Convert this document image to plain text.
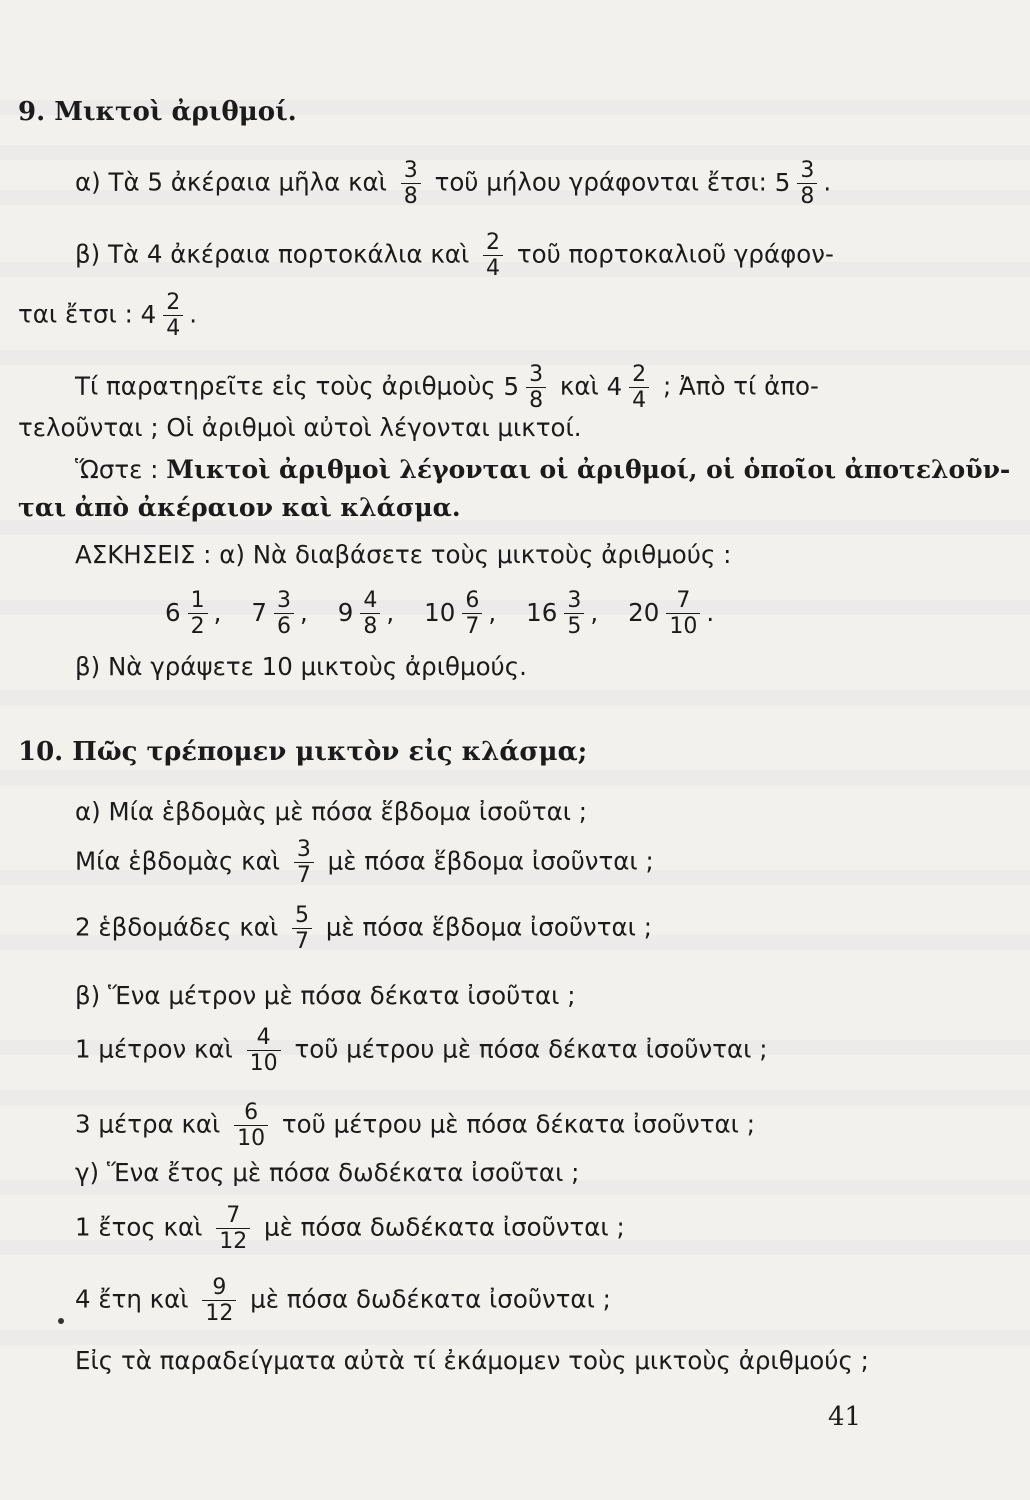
9. Μικτοὶ ἀριθμοί.
α) Τὰ 5 ἀκέραια μῆλα καὶ $\frac{3}{8}$ τοῦ μήλου γράφονται ἔτσι: $5 \frac{3}{8}$ .
β) Τὰ 4 ἀκέραια πορτοκάλια καὶ $\frac{2}{4}$ τοῦ πορτοκαλιοῦ γράφον-
ται ἔτσι : $4 \frac{2}{4}$ .
Τί παρατηρεῖτε εἰς τοὺς ἀριθμοὺς $5 \frac{3}{8}$ καὶ $4 \frac{2}{4}$ ; Ἀπὸ τί ἀπο-
τελοῦνται ; Οἱ ἀριθμοὶ αὐτοὶ λέγονται μικτοί.
Ὥστε : Μικτοὶ ἀριθμοὶ λέγονται οἱ ἀριθμοί, οἱ ὁποῖοι ἀποτελοῦν-
ται ἀπὸ ἀκέραιον καὶ κλάσμα.
ΑΣΚΗΣΕΙΣ : α) Νὰ διαβάσετε τοὺς μικτοὺς ἀριθμούς :
$6 \frac{1}{2}$ , $7 \frac{3}{6}$ , $9 \frac{4}{8}$ , $10 \frac{6}{7}$ , $16 \frac{3}{5}$ , $20 \frac{7}{10}$ .
β) Νὰ γράψετε 10 μικτοὺς ἀριθμούς.
10. Πῶς τρέπομεν μικτὸν εἰς κλάσμα;
α) Μία ἑβδομὰς μὲ πόσα ἕβδομα ἰσοῦται ;
Μία ἑβδομὰς καὶ $\frac{3}{7}$ μὲ πόσα ἕβδομα ἰσοῦνται ;
2 ἑβδομάδες καὶ $\frac{5}{7}$ μὲ πόσα ἕβδομα ἰσοῦνται ;
β) Ἕνα μέτρον μὲ πόσα δέκατα ἰσοῦται ;
1 μέτρον καὶ $\frac{4}{10}$ τοῦ μέτρου μὲ πόσα δέκατα ἰσοῦνται ;
3 μέτρα καὶ $\frac{6}{10}$ τοῦ μέτρου μὲ πόσα δέκατα ἰσοῦνται ;
γ) Ἕνα ἔτος μὲ πόσα δωδέκατα ἰσοῦται ;
1 ἔτος καὶ $\frac{7}{12}$ μὲ πόσα δωδέκατα ἰσοῦνται ;
4 ἔτη καὶ $\frac{9}{12}$ μὲ πόσα δωδέκατα ἰσοῦνται ;
Εἰς τὰ παραδείγματα αὐτὰ τί ἐκάμομεν τοὺς μικτοὺς ἀριθμούς ;
41
